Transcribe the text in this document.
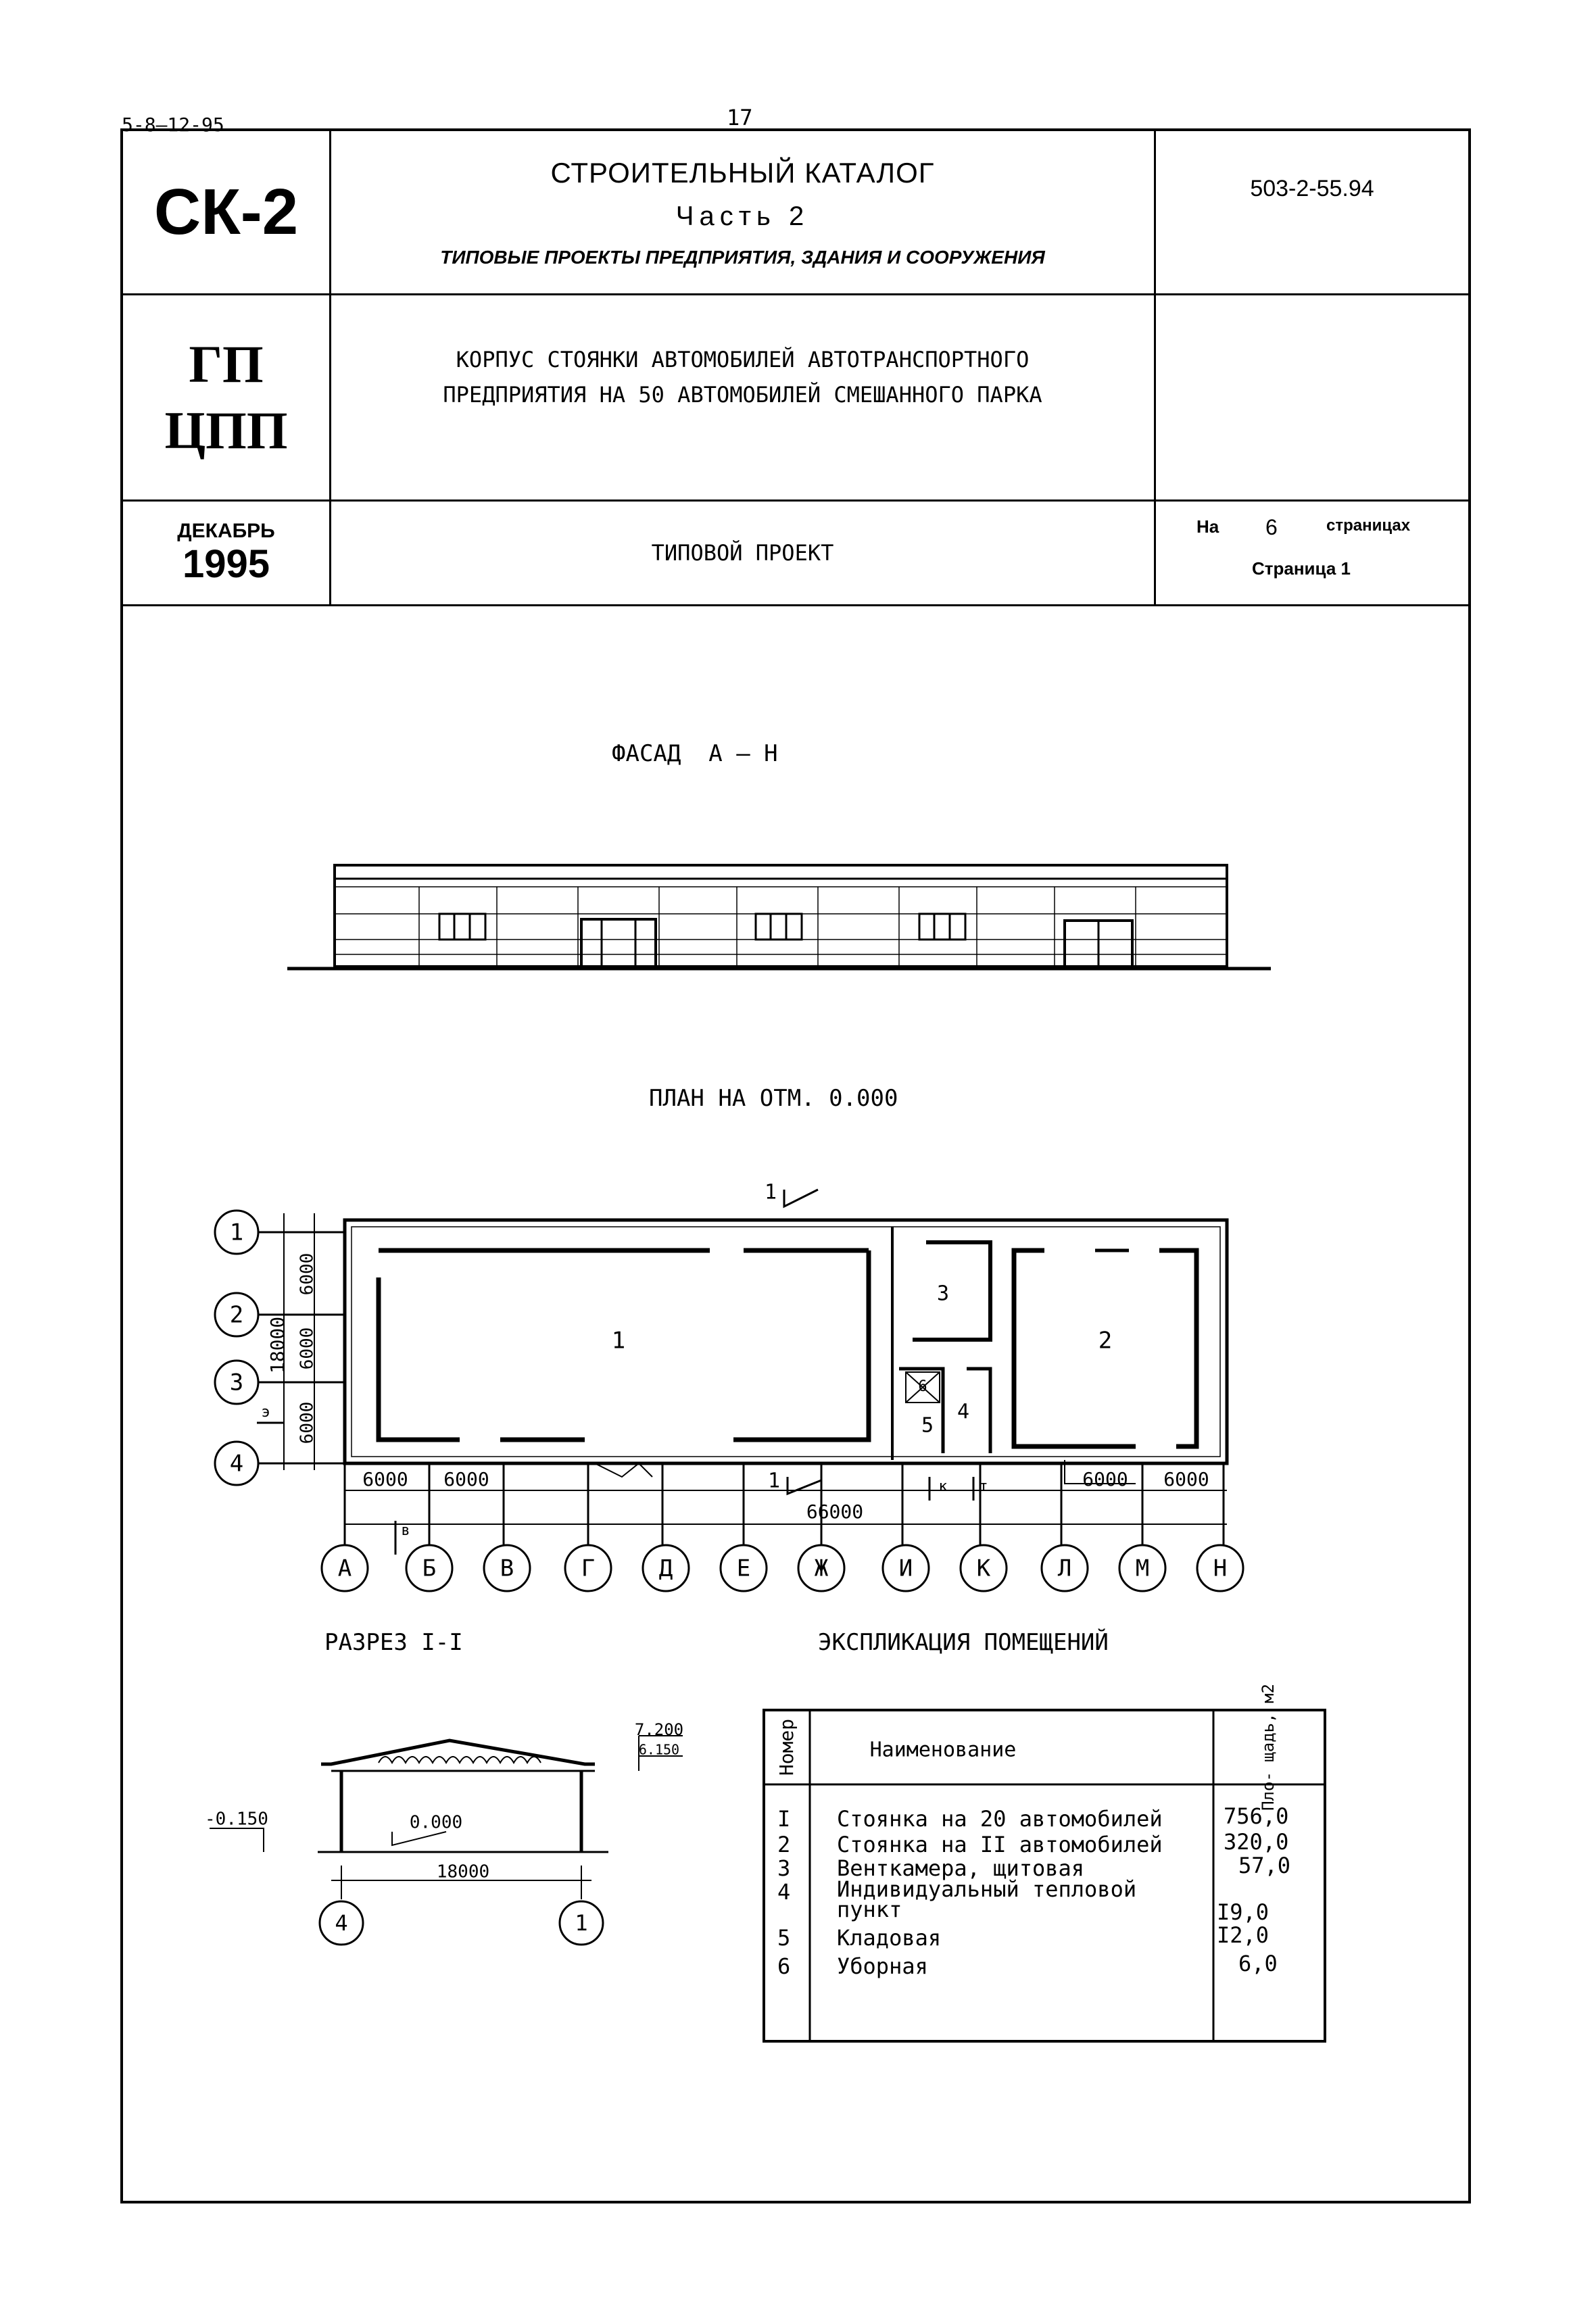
5-8—12-95	17
СК-2
СТРОИТЕЛЬНЫЙ КАТАЛОГ
Часть 2
ТИПОВЫЕ ПРОЕКТЫ ПРЕДПРИЯТИЯ, ЗДАНИЯ И СООРУЖЕНИЯ
503-2-55.94
ГП
ЦПП
КОРПУС СТОЯНКИ АВТОМОБИЛЕЙ АВТОТРАНСПОРТНОГО
ПРЕДПРИЯТИЯ НА 50 АВТОМОБИЛЕЙ СМЕШАННОГО ПАРКА
ДЕКАБРЬ
1995	ТИПОВОЙ ПРОЕКТ
На 6	страницах
Страница 1
ФАСАД  А – Н
ПЛАН НА ОТМ. 0.000
РАЗРЕЗ I-I	ЭКСПЛИКАЦИЯ ПОМЕЩЕНИЙ
1
2
3
4
А	Б	В	Г	Д	Е	Ж	И	К	Л	М	Н
1	2
3
4
5
6
18000
6000
6000
6000
6000 6000	6000 6000
66000
1
1
в
э
к т
7.200
6.150
0.000
-0.150
18000
4	1
Номер	Наименование	Пло- щадь, м2
I Стоянка на 20 автомобилей	756,0
2 Стоянка на II автомобилей	320,0
3 Венткамера, щитовая	57,0
4 Индивидуальный тепловой пункт	I9,0
5 Кладовая	I2,0
6 Уборная	6,0
